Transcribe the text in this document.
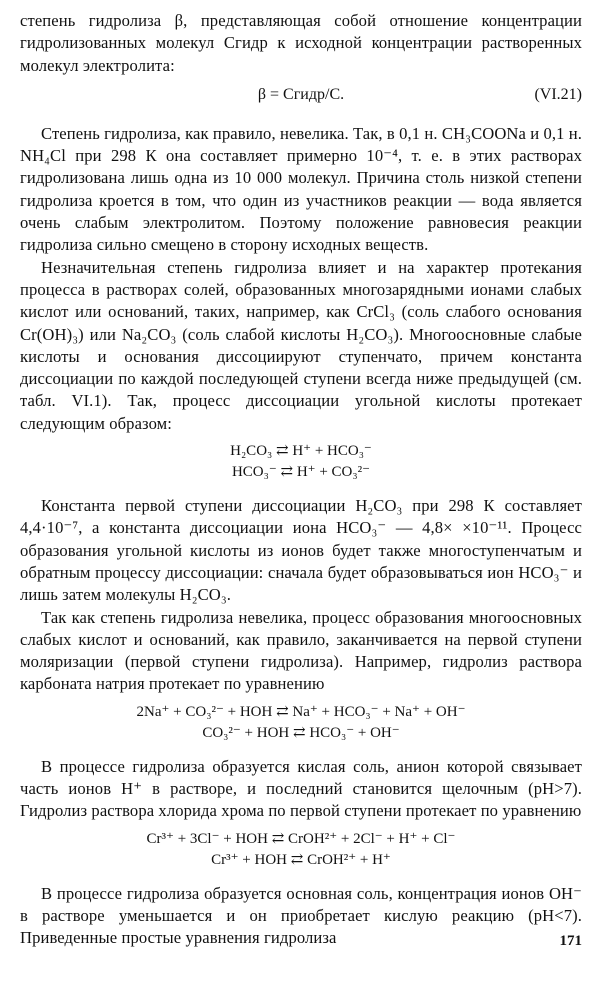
степень гидролиза β, представляющая собой отношение концентрации гидролизованных молекул Cгидр к исходной концентрации растворенных молекул электролита:

β = Cгидр/C.	(VI.21)

Степень гидролиза, как правило, невелика. Так, в 0,1 н. CH₃COONa и 0,1 н. NH₄Cl при 298 К она составляет примерно 10⁻⁴, т. е. в этих растворах гидролизована лишь одна из 10 000 молекул. Причина столь низкой степени гидролиза кроется в том, что один из участников реакции — вода является очень слабым электролитом. Поэтому положение равновесия реакции гидролиза сильно смещено в сторону исходных веществ.

Незначительная степень гидролиза влияет и на характер протекания процесса в растворах солей, образованных многозарядными ионами слабых кислот или оснований, таких, например, как CrCl₃ (соль слабого основания Cr(OH)₃) или Na₂CO₃ (соль слабой кислоты H₂CO₃). Многоосновные слабые кислоты и основания диссоциируют ступенчато, причем константа диссоциации по каждой последующей ступени всегда ниже предыдущей (см. табл. VI.1). Так, процесс диссоциации угольной кислоты протекает следующим образом:

H₂CO₃ ⇄ H⁺ + HCO₃⁻
HCO₃⁻ ⇄ H⁺ + CO₃²⁻

Константа первой ступени диссоциации H₂CO₃ при 298 К составляет 4,4·10⁻⁷, а константа диссоциации иона HCO₃⁻ — 4,8× ×10⁻¹¹. Процесс образования угольной кислоты из ионов будет также многоступенчатым и обратным процессу диссоциации: сначала будет образовываться ион HCO₃⁻ и лишь затем молекулы H₂CO₃.

Так как степень гидролиза невелика, процесс образования многоосновных слабых кислот и оснований, как правило, заканчивается на первой ступени моляризации (первой ступени гидролиза). Например, гидролиз раствора карбоната натрия протекает по уравнению

2Na⁺ + CO₃²⁻ + HOH ⇄ Na⁺ + HCO₃⁻ + Na⁺ + OH⁻
CO₃²⁻ + HOH ⇄ HCO₃⁻ + OH⁻

В процессе гидролиза образуется кислая соль, анион которой связывает часть ионов H⁺ в растворе, и последний становится щелочным (pH>7). Гидролиз раствора хлорида хрома по первой ступени протекает по уравнению

Cr³⁺ + 3Cl⁻ + HOH ⇄ CrOH²⁺ + 2Cl⁻ + H⁺ + Cl⁻
Cr³⁺ + HOH ⇄ CrOH²⁺ + H⁺

В процессе гидролиза образуется основная соль, концентрация ионов OH⁻ в растворе уменьшается и он приобретает кислую реакцию (pH<7). Приведенные простые уравнения гидролиза	171
